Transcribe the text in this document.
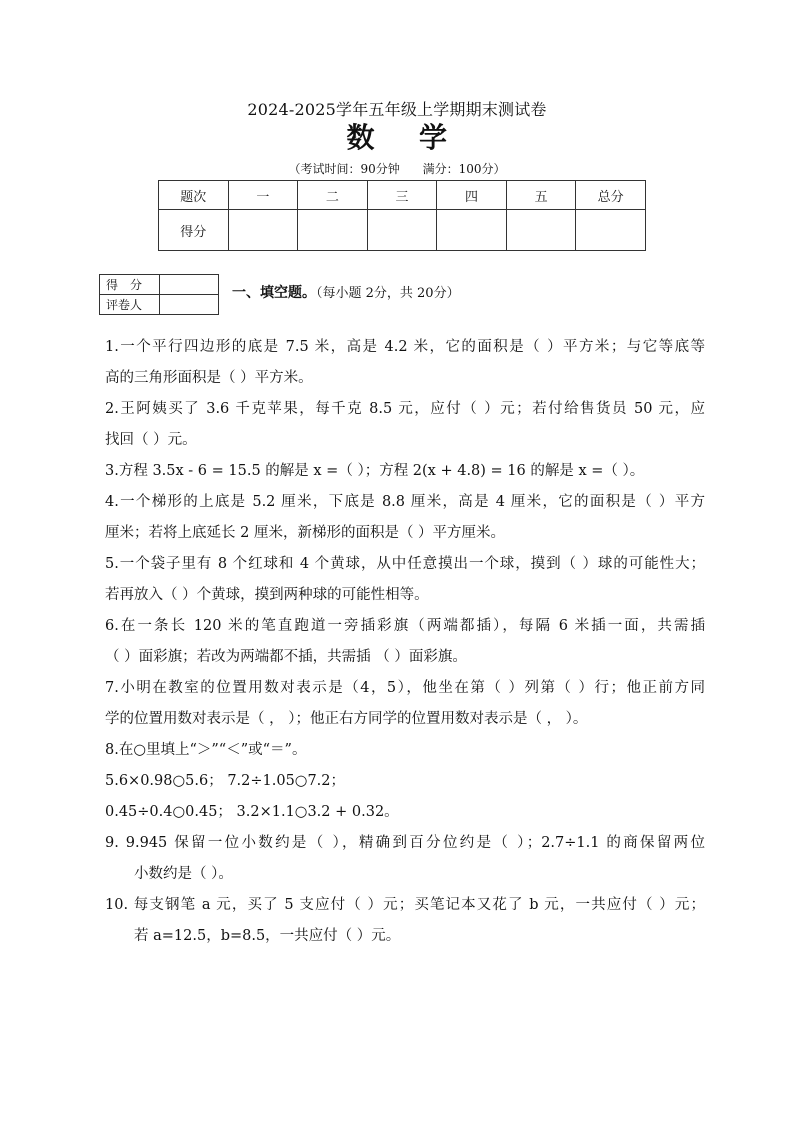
2024-2025学年五年级上学期期末测试卷
数 学
（考试时间：90分钟      满分：100分）
题次	一	二	三	四	五	总分
得分						
得　分	
评卷人	
一、填空题。（每小题 2分，共 20分）
1.一个平行四边形的底是 7.5 米，高是 4.2 米，它的面积是（ ）平方米；与它等底等
高的三角形面积是（ ）平方米。
2.王阿姨买了 3.6 千克苹果，每千克 8.5 元，应付（ ）元；若付给售货员 50 元，应
找回（ ）元。
3.方程 3.5x - 6 = 15.5 的解是 x =（ ）；方程 2(x + 4.8) = 16 的解是 x =（ ）。
4.一个梯形的上底是 5.2 厘米，下底是 8.8 厘米，高是 4 厘米，它的面积是（ ）平方
厘米；若将上底延长 2 厘米，新梯形的面积是（ ）平方厘米。
5.一个袋子里有 8 个红球和 4 个黄球，从中任意摸出一个球，摸到（ ）球的可能性大；
若再放入（ ）个黄球，摸到两种球的可能性相等。
6.在一条长 120 米的笔直跑道一旁插彩旗（两端都插），每隔 6 米插一面，共需插
（ ）面彩旗；若改为两端都不插，共需插 （ ）面彩旗。
7.小明在教室的位置用数对表示是（4，5），他坐在第（ ）列第（ ）行；他正前方同
学的位置用数对表示是（ ， ）；他正右方同学的位置用数对表示是（ ， ）。
8.在○里填上“＞”“＜”或“＝”。
5.6×0.98○5.6； 7.2÷1.05○7.2；
0.45÷0.4○0.45； 3.2×1.1○3.2 + 0.32。
9. 9.945 保留一位小数约是（ ），精确到百分位约是（ ）；2.7÷1.1 的商保留两位
小数约是（ ）。
10. 每支钢笔 a 元，买了 5 支应付（ ）元；买笔记本又花了 b 元，一共应付（ ）元；
若 a=12.5，b=8.5，一共应付（ ）元。
